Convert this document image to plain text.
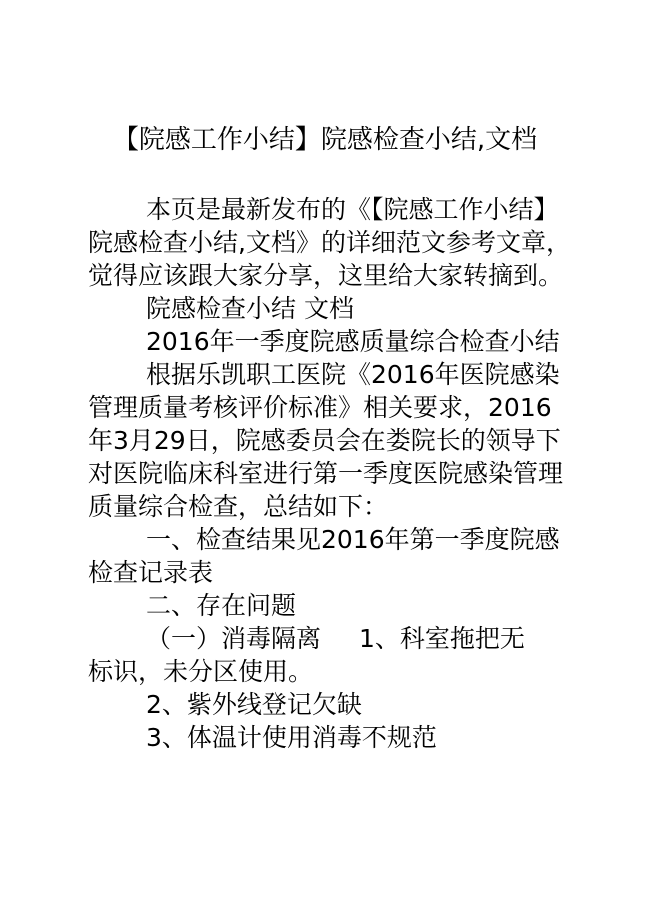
【院感工作小结】院感检查小结,文档

本页是最新发布的《【院感工作小结】院感检查小结,文档》的详细范文参考文章，觉得应该跟大家分享，这里给大家转摘到。

院感检查小结 文档

2016年一季度院感质量综合检查小结

根据乐凯职工医院《2016年医院感染管理质量考核评价标准》相关要求，2016年3月29日，院感委员会在娄院长的领导下对医院临床科室进行第一季度医院感染管理质量综合检查，总结如下：

一、检查结果见2016年第一季度院感检查记录表

二、存在问题

（一）消毒隔离 1、科室拖把无

标识，未分区使用。

2、紫外线登记欠缺

3、体温计使用消毒不规范
